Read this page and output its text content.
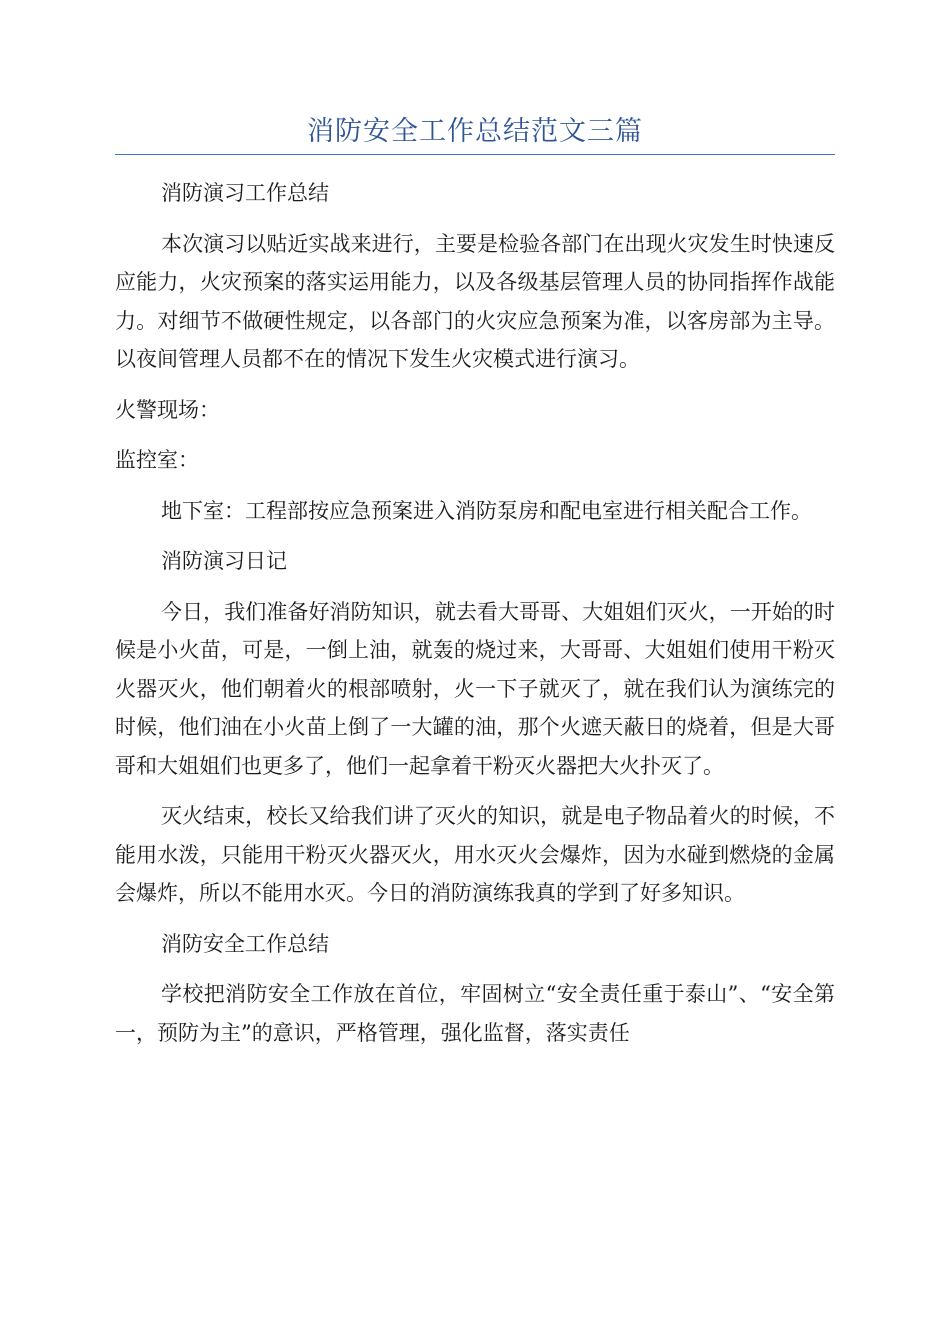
消防安全工作总结范文三篇

消防演习工作总结

本次演习以贴近实战来进行，主要是检验各部门在出现火灾发生时快速反应能力，火灾预案的落实运用能力，以及各级基层管理人员的协同指挥作战能力。对细节不做硬性规定，以各部门的火灾应急预案为准，以客房部为主导。以夜间管理人员都不在的情况下发生火灾模式进行演习。

火警现场：

监控室：

地下室：工程部按应急预案进入消防泵房和配电室进行相关配合工作。

消防演习日记

今日，我们准备好消防知识，就去看大哥哥、大姐姐们灭火，一开始的时候是小火苗，可是，一倒上油，就轰的烧过来，大哥哥、大姐姐们使用干粉灭火器灭火，他们朝着火的根部喷射，火一下子就灭了，就在我们认为演练完的时候，他们油在小火苗上倒了一大罐的油，那个火遮天蔽日的烧着，但是大哥哥和大姐姐们也更多了，他们一起拿着干粉灭火器把大火扑灭了。

灭火结束，校长又给我们讲了灭火的知识，就是电子物品着火的时候，不能用水泼，只能用干粉灭火器灭火，用水灭火会爆炸，因为水碰到燃烧的金属会爆炸，所以不能用水灭。今日的消防演练我真的学到了好多知识。

消防安全工作总结

学校把消防安全工作放在首位，牢固树立“安全责任重于泰山”、“安全第一，预防为主”的意识，严格管理，强化监督，落实责任
